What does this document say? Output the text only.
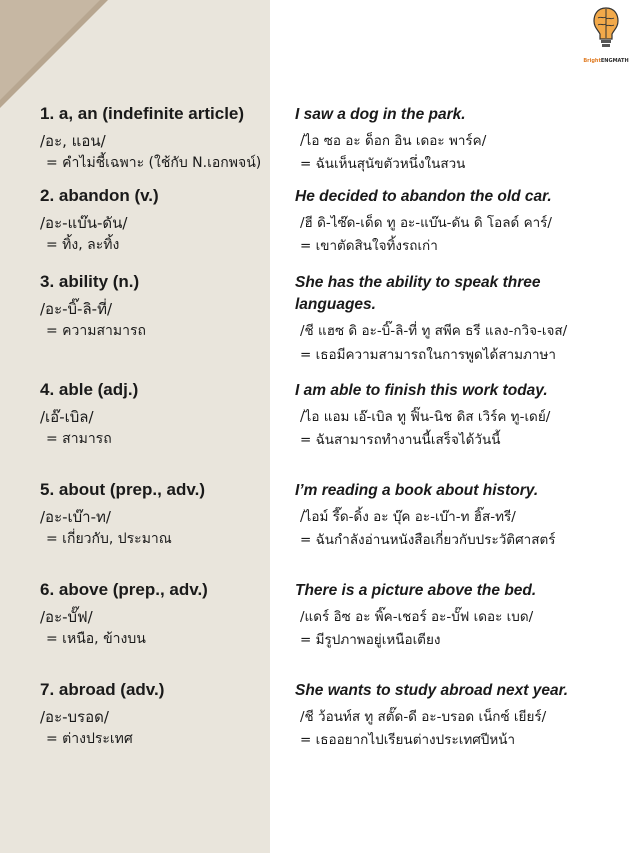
BrightENGMATH
1. a, an (indefinite article)
/อะ, แอน/
= คำไม่ชี้เฉพาะ (ใช้กับ N.เอกพจน์)
I saw a dog in the park.
/ไอ ซอ อะ ด็อก อิน เดอะ พาร์ค/
= ฉันเห็นสุนัขตัวหนึ่งในสวน
2. abandon (v.)
/อะ-แบ๊น-ดัน/
= ทิ้ง, ละทิ้ง
He decided to abandon the old car.
/ฮี ดิ-ไซ๊ด-เด็ด ทู อะ-แบ๊น-ดัน ดิ โอลด์ คาร์/
= เขาตัดสินใจทิ้งรถเก่า
3. ability (n.)
/อะ-บิ๊-ลิ-ที่/
= ความสามารถ
She has the ability to speak three languages.
/ชี แฮซ ดิ อะ-บิ๊-ลิ-ที่ ทู สพีค ธรี แลง-กวิจ-เจส/
= เธอมีความสามารถในการพูดได้สามภาษา
4. able (adj.)
/เอ๊-เบิล/
= สามารถ
I am able to finish this work today.
/ไอ แอม เอ๊-เบิล ทู ฟิ๊น-นิช ดิส เวิร์ค ทู-เดย์/
= ฉันสามารถทำงานนี้เสร็จได้วันนี้
5. about (prep., adv.)
/อะ-เบ๊า-ท/
= เกี่ยวกับ, ประมาณ
I’m reading a book about history.
/ไอม์ รี๊ด-ดิ้ง อะ บุ๊ค อะ-เบ๊า-ท ฮิ๊ส-ทรี/
= ฉันกำลังอ่านหนังสือเกี่ยวกับประวัติศาสตร์
6. above (prep., adv.)
/อะ-บั๊ฟ/
= เหนือ, ข้างบน
There is a picture above the bed.
/แดร์ อิซ อะ พิ๊ค-เชอร์ อะ-บั๊ฟ เดอะ เบด/
= มีรูปภาพอยู่เหนือเตียง
7. abroad (adv.)
/อะ-บรอด/
= ต่างประเทศ
She wants to study abroad next year.
/ชี ว้อนท์ส ทู สตั๊ด-ดี อะ-บรอด เน็กซ์ เยียร์/
= เธออยากไปเรียนต่างประเทศปีหน้า
